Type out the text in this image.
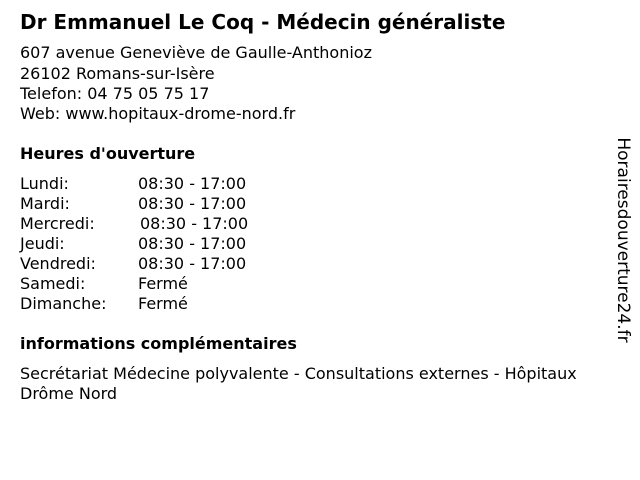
Dr Emmanuel Le Coq - Médecin généraliste
607 avenue Geneviève de Gaulle-Anthonioz
26102 Romans-sur-Isère
Telefon: 04 75 05 75 17
Web: www.hopitaux-drome-nord.fr
Heures d'ouverture
Lundi:	08:30 - 17:00
Mardi:	08:30 - 17:00
Mercredi:	08:30 - 17:00
Jeudi:	08:30 - 17:00
Vendredi:	08:30 - 17:00
Samedi:	Fermé
Dimanche: Fermé
informations complémentaires
Secrétariat Médecine polyvalente - Consultations externes - Hôpitaux Drôme Nord
Horairesdouverture24.fr
